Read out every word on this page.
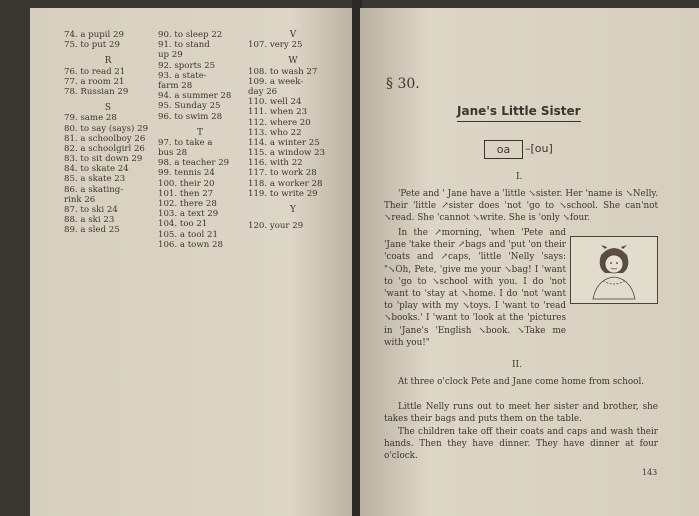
74. a pupil 29
75. to put 29
R
76. to read 21
77. a room 21
78. Russian 29
S
79. same 28
80. to say (says) 29
81. a schoolboy 26
82. a schoolgirl 26
83. to sit down 29
84. to skate 24
85. a skate 23
86. a skating-
rink 26
87. to ski 24
88. a ski 23
89. a sled 25
90. to sleep 22
91. to stand
up 29
92. sports 25
93. a state-
farm 28
94. a summer 28
95. Sunday 25
96. to swim 28
T
97. to take a
bus 28
98. a teacher 29
99. tennis 24
100. their 20
101. then 27
102. there 28
103. a text 29
104. too 21
105. a tool 21
106. a town 28
V
107. very 25
W
108. to wash 27
109. a week-
day 26
110. well 24
111. when 23
112. where 20
113. who 22
114. a winter 25
115. a window 23
116. with 22
117. to work 28
118. a worker 28
119. to write 29
Y
120. your 29
§ 30.
Jane's Little Sister
oa	–[ou]
I.
'Pete and ' Jane have a 'little ↘sister. Her 'name is ↘Nelly. Their 'little ↗sister does 'not 'go to ↘school. She can'not ↘read. She 'cannot ↘write. She is 'only ↘four.
In the ↗morning, 'when 'Pete and 'Jane 'take their ↗bags and 'put 'on their 'coats and ↗caps, 'little 'Nelly 'says: "↘Oh, Pete, 'give me your ↘bag! I 'want to 'go to ↘school with you. I do 'not 'want to 'stay at ↘home. I do 'not 'want to 'play with my ↘toys. I 'want to 'read ↘books.' I 'want to 'look at the 'pictures in 'Jane's 'English ↘book. ↘Take me with you!"
II.
At three o'clock Pete and Jane come home from school.
Little Nelly runs out to meet her sister and brother, she takes their bags and puts them on the table.
The children take off their coats and caps and wash their hands. Then they have dinner. They have dinner at four o'clock.
143
